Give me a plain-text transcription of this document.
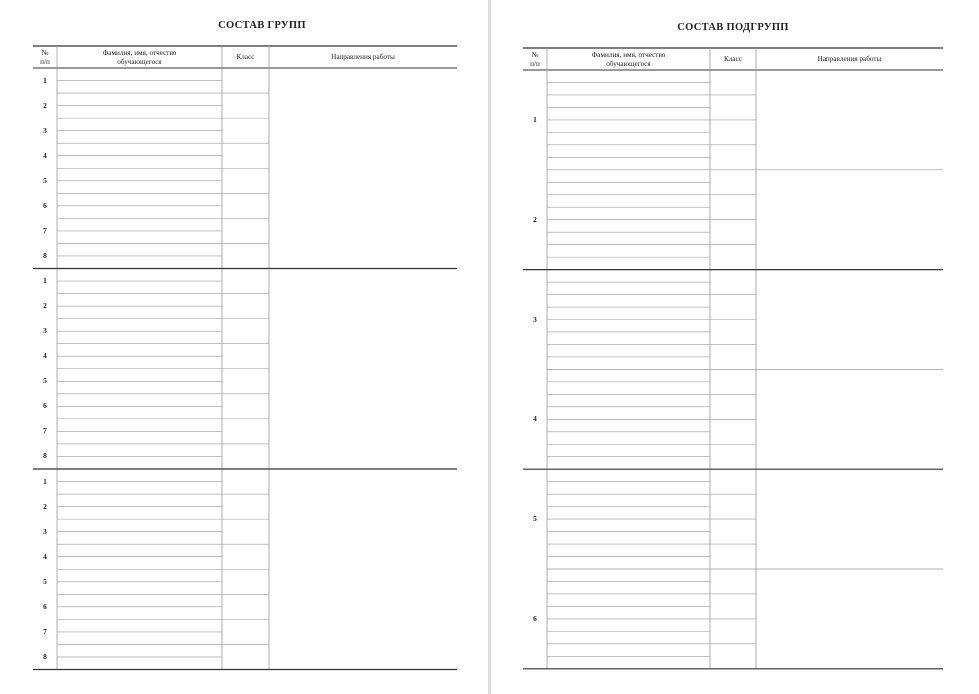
СОСТАВ ГРУПП
№
п/п
Фамилия, имя, отчество
обучающегося
Класс	Направления работы
1
2
3
4
5
6
7
8
1
2
3
4
5
6
7
8
1
2
3
4
5
6
7
8
СОСТАВ ПОДГРУПП
№
п/п
Фамилия, имя, отчество
обучающегося
Класс	Направления работы
1
2
3
4
5
6
